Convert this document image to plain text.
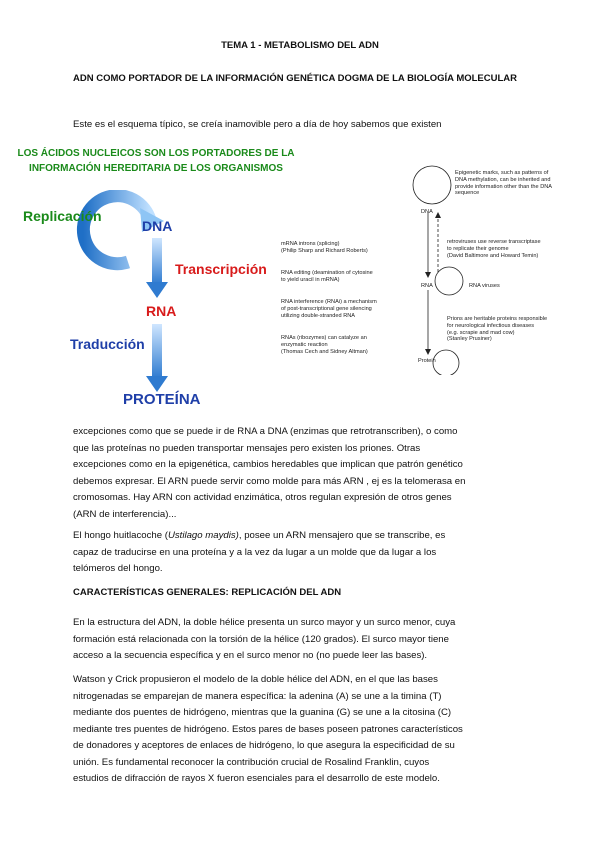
TEMA 1 - METABOLISMO DEL ADN
ADN COMO PORTADOR DE LA INFORMACIÓN GENÉTICA DOGMA DE LA BIOLOGÍA MOLECULAR
Este es el esquema típico, se creía inamovible pero a día de hoy sabemos que existen
LOS ÁCIDOS NUCLEICOS SON LOS PORTADORES DE LA
INFORMACIÓN HEREDITARIA DE LOS ORGANISMOS
Replicación
DNA
Transcripción
RNA
Traducción
PROTEÍNA
DNA
RNA
Protein
Epigenetic marks, such as patterns of
DNA methylation, can be inherited and
provide information other than the DNA
sequence
retroviruses use reverse transcriptase
to replicate their genome
(David Baltimore and Howard Temin)
RNA viruses
Prions are heritable proteins responsible
for neurological infectious diseases
(e.g. scrapie and mad cow)
(Stanley Prusiner)
mRNA introns (splicing)
(Philip Sharp and Richard Roberts)
RNA editing (deamination of cytosine
to yield uracil in mRNA)
RNA interference (RNAi) a mechanism
of post-transcriptional gene silencing
utilizing double-stranded RNA
RNAs (ribozymes) can catalyze an
enzymatic reaction
(Thomas Cech and Sidney Altman)
excepciones como que se puede ir de RNA a DNA (enzimas que retrotranscriben), o como
que las proteínas no pueden transportar mensajes pero existen los priones. Otras
excepciones como en la epigenética, cambios heredables que implican que patrón genético
debemos expresar. El ARN puede servir como molde para más ARN , ej es la telomerasa en
cromosomas. Hay ARN con actividad enzimática, otros regulan expresión de otros genes
(ARN de interferencia)...
El hongo huitlacoche (Ustilago maydis), posee un ARN mensajero que se transcribe, es
capaz de traducirse en una proteína y a la vez da lugar a un molde que da lugar a los
telómeros del hongo.
CARACTERÍSTICAS GENERALES: REPLICACIÓN DEL ADN
En la estructura del ADN, la doble hélice presenta un surco mayor y un surco menor, cuya
formación está relacionada con la torsión de la hélice (120 grados). El surco mayor tiene
acceso a la secuencia específica y en el surco menor no (no puede leer las bases).
Watson y Crick propusieron el modelo de la doble hélice del ADN, en el que las bases
nitrogenadas se emparejan de manera específica: la adenina (A) se une a la timina (T)
mediante dos puentes de hidrógeno, mientras que la guanina (G) se une a la citosina (C)
mediante tres puentes de hidrógeno. Estos pares de bases poseen patrones característicos
de donadores y aceptores de enlaces de hidrógeno, lo que asegura la especificidad de su
unión. Es fundamental reconocer la contribución crucial de Rosalind Franklin, cuyos
estudios de difracción de rayos X fueron esenciales para el desarrollo de este modelo.
